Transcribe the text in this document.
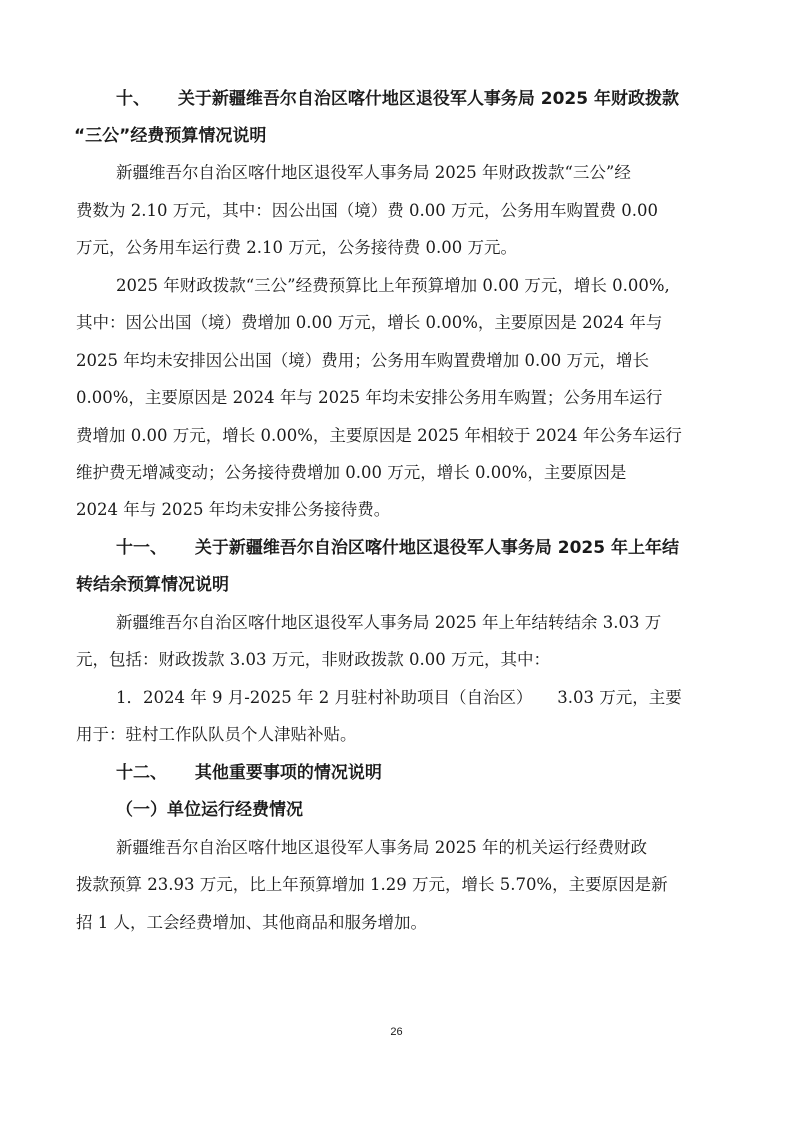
十、 关于新疆维吾尔自治区喀什地区退役军人事务局 2025 年财政拨款
“三公”经费预算情况说明
新疆维吾尔自治区喀什地区退役军人事务局 2025 年财政拨款“三公”经
费数为 2.10 万元，其中：因公出国（境）费 0.00 万元，公务用车购置费 0.00
万元，公务用车运行费 2.10 万元，公务接待费 0.00 万元。
2025 年财政拨款“三公”经费预算比上年预算增加 0.00 万元，增长 0.00%,
其中：因公出国（境）费增加 0.00 万元，增长 0.00%，主要原因是 2024 年与
2025 年均未安排因公出国（境）费用；公务用车购置费增加 0.00 万元，增长
0.00%，主要原因是 2024 年与 2025 年均未安排公务用车购置；公务用车运行
费增加 0.00 万元，增长 0.00%，主要原因是 2025 年相较于 2024 年公务车运行
维护费无增减变动；公务接待费增加 0.00 万元，增长 0.00%，主要原因是
2024 年与 2025 年均未安排公务接待费。
十一、 关于新疆维吾尔自治区喀什地区退役军人事务局 2025 年上年结
转结余预算情况说明
新疆维吾尔自治区喀什地区退役军人事务局 2025 年上年结转结余 3.03 万
元，包括：财政拨款 3.03 万元，非财政拨款 0.00 万元，其中：
1．2024 年 9 月-2025 年 2 月驻村补助项目（自治区）　　3.03 万元，主要
用于：驻村工作队队员个人津贴补贴。
十二、 其他重要事项的情况说明
（一）单位运行经费情况
新疆维吾尔自治区喀什地区退役军人事务局 2025 年的机关运行经费财政
拨款预算 23.93 万元，比上年预算增加 1.29 万元，增长 5.70%，主要原因是新
招 1 人，工会经费增加、其他商品和服务增加。
26
